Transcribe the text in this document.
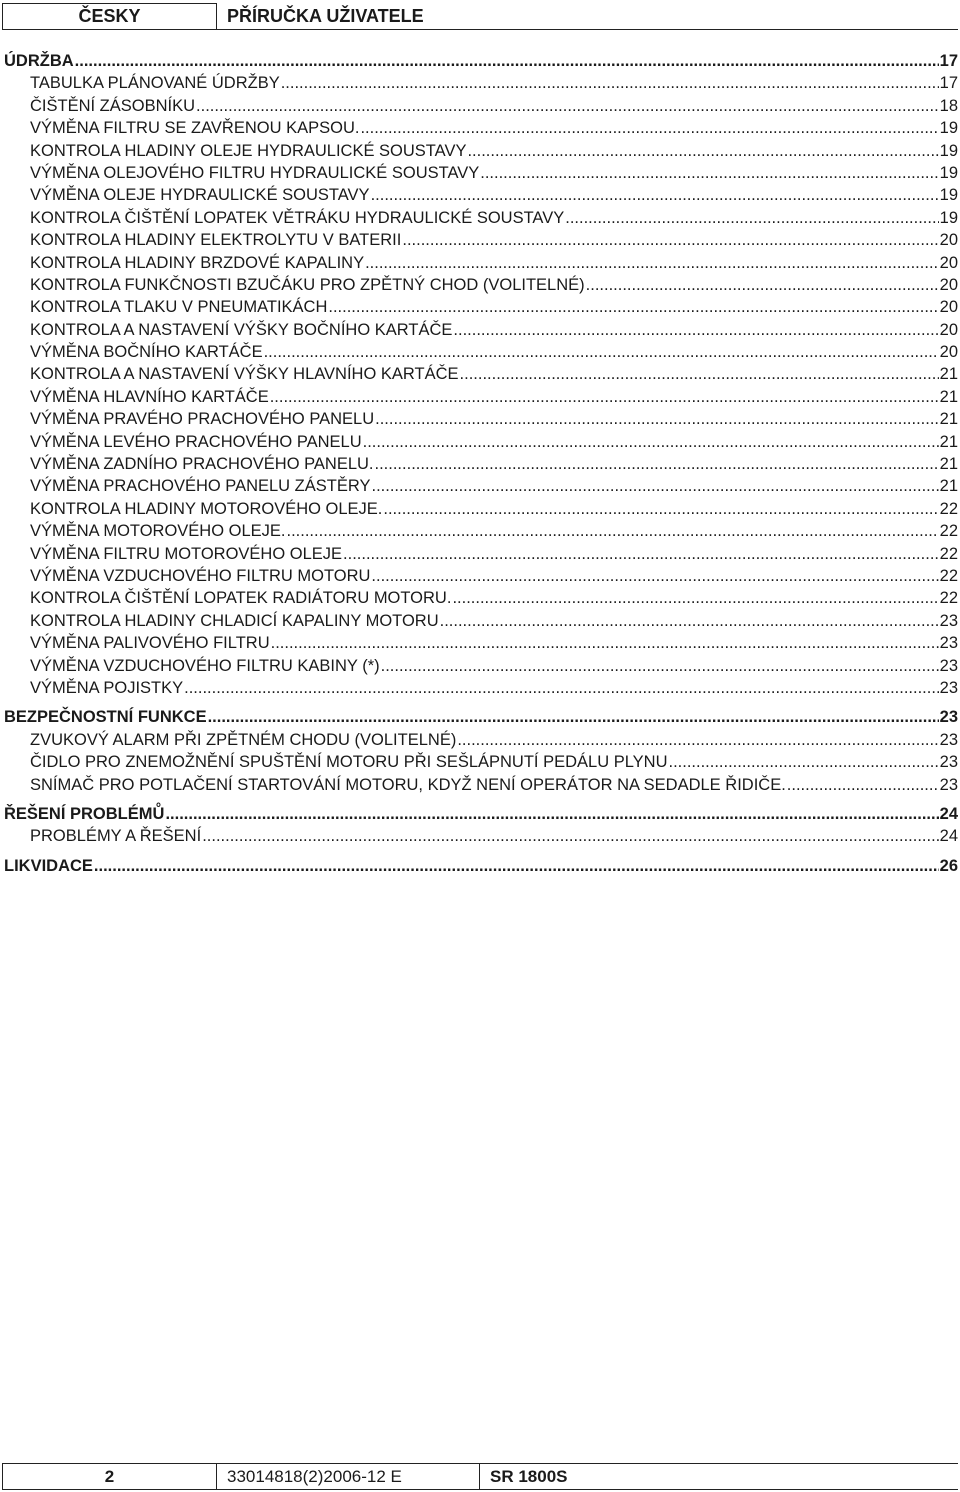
ČESKY	PŘÍRUČKA UŽIVATELE
ÚDRŽBA .....	17
TABULKA PLÁNOVANÉ ÚDRŽBY .....	17
ČIŠTĚNÍ ZÁSOBNÍKU .....	18
VÝMĚNA FILTRU SE ZAVŘENOU KAPSOU. .....	19
KONTROLA HLADINY OLEJE HYDRAULICKÉ SOUSTAVY .....	19
VÝMĚNA OLEJOVÉHO FILTRU HYDRAULICKÉ SOUSTAVY .....	19
VÝMĚNA OLEJE HYDRAULICKÉ SOUSTAVY .....	19
KONTROLA ČIŠTĚNÍ LOPATEK VĚTRÁKU HYDRAULICKÉ SOUSTAVY .....	19
KONTROLA HLADINY ELEKTROLYTU V BATERII .....	20
KONTROLA HLADINY BRZDOVÉ KAPALINY .....	20
KONTROLA FUNKČNOSTI BZUČÁKU PRO ZPĚTNÝ CHOD (VOLITELNÉ) .....	20
KONTROLA TLAKU V PNEUMATIKÁCH .....	20
KONTROLA A NASTAVENÍ VÝŠKY BOČNÍHO KARTÁČE .....	20
VÝMĚNA BOČNÍHO KARTÁČE .....	20
KONTROLA A NASTAVENÍ VÝŠKY HLAVNÍHO KARTÁČE .....	21
VÝMĚNA HLAVNÍHO KARTÁČE .....	21
VÝMĚNA PRAVÉHO PRACHOVÉHO PANELU .....	21
VÝMĚNA LEVÉHO PRACHOVÉHO PANELU .....	21
VÝMĚNA ZADNÍHO PRACHOVÉHO PANELU. .....	21
VÝMĚNA PRACHOVÉHO PANELU ZÁSTĚRY .....	21
KONTROLA HLADINY MOTOROVÉHO OLEJE. .....	22
VÝMĚNA MOTOROVÉHO OLEJE. .....	22
VÝMĚNA FILTRU MOTOROVÉHO OLEJE .....	22
VÝMĚNA VZDUCHOVÉHO FILTRU MOTORU .....	22
KONTROLA ČIŠTĚNÍ LOPATEK RADIÁTORU MOTORU. .....	22
KONTROLA HLADINY CHLADICÍ KAPALINY MOTORU .....	23
VÝMĚNA PALIVOVÉHO FILTRU .....	23
VÝMĚNA VZDUCHOVÉHO FILTRU KABINY (*) .....	23
VÝMĚNA POJISTKY .....	23
BEZPEČNOSTNÍ FUNKCE .....	23
ZVUKOVÝ ALARM PŘI ZPĚTNÉM CHODU (VOLITELNÉ) .....	23
ČIDLO PRO ZNEMOŽNĚNÍ SPUŠTĚNÍ MOTORU PŘI SEŠLÁPNUTÍ PEDÁLU PLYNU .....	23
SNÍMAČ PRO POTLAČENÍ STARTOVÁNÍ MOTORU, KDYŽ NENÍ OPERÁTOR NA SEDADLE ŘIDIČE. .....	23
ŘEŠENÍ PROBLÉMŮ .....	24
PROBLÉMY A ŘEŠENÍ .....	24
LIKVIDACE .....	26
2	33014818(2)2006-12 E	SR 1800S
